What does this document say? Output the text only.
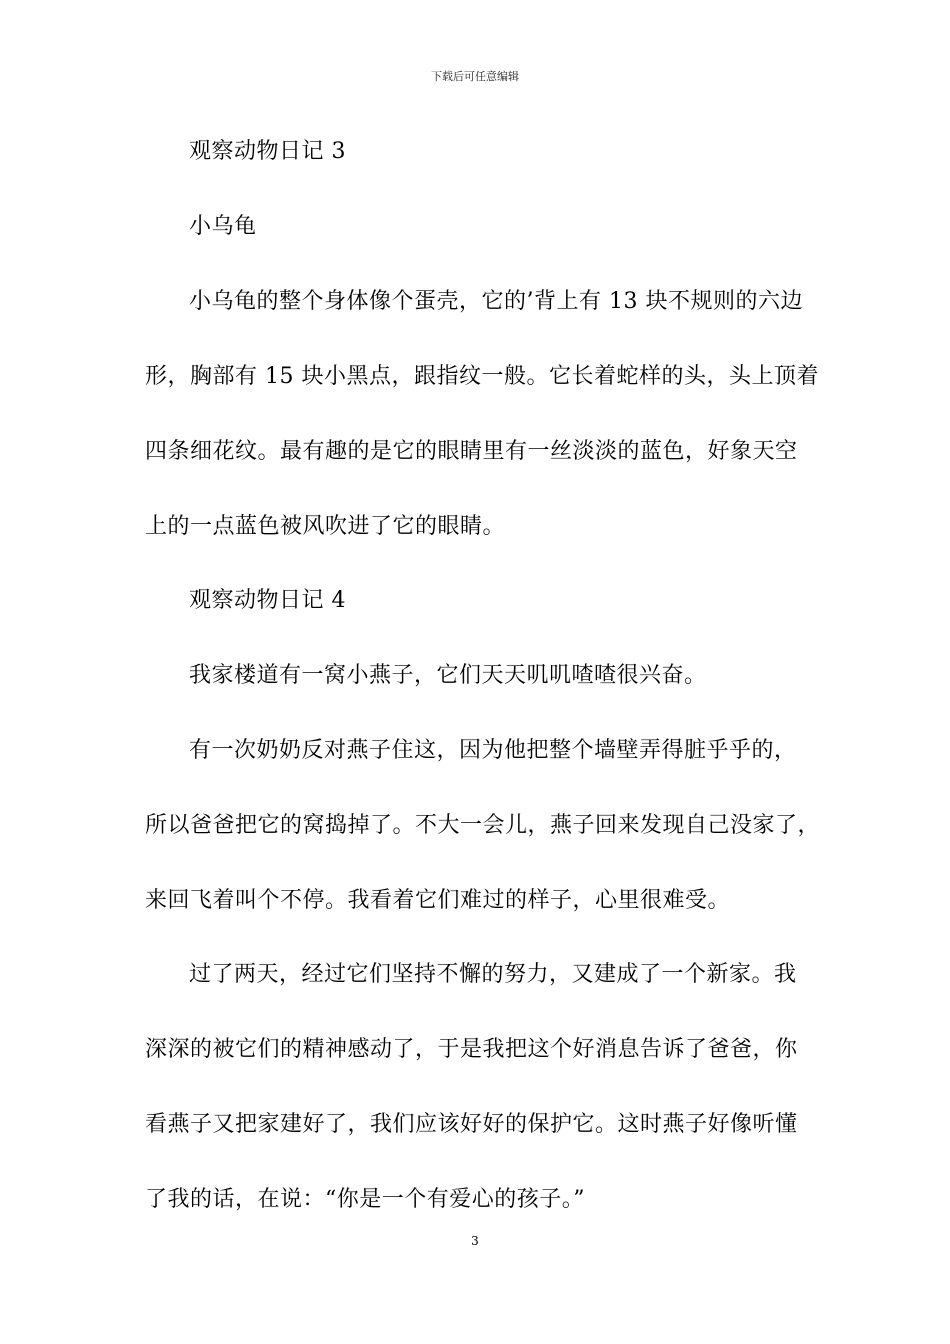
下载后可任意编辑
观察动物日记 3
小乌龟
小乌龟的整个身体像个蛋壳，它的’背上有 13 块不规则的六边
形，胸部有 15 块小黑点，跟指纹一般。它长着蛇样的头，头上顶着
四条细花纹。最有趣的是它的眼睛里有一丝淡淡的蓝色，好象天空
上的一点蓝色被风吹进了它的眼睛。
观察动物日记 4
我家楼道有一窝小燕子，它们天天叽叽喳喳很兴奋。
有一次奶奶反对燕子住这，因为他把整个墙壁弄得脏乎乎的，
所以爸爸把它的窝捣掉了。不大一会儿，燕子回来发现自己没家了，
来回飞着叫个不停。我看着它们难过的样子，心里很难受。
过了两天，经过它们坚持不懈的努力，又建成了一个新家。我
深深的被它们的精神感动了，于是我把这个好消息告诉了爸爸，你
看燕子又把家建好了，我们应该好好的保护它。这时燕子好像听懂
了我的话，在说：“你是一个有爱心的孩子。”
3
